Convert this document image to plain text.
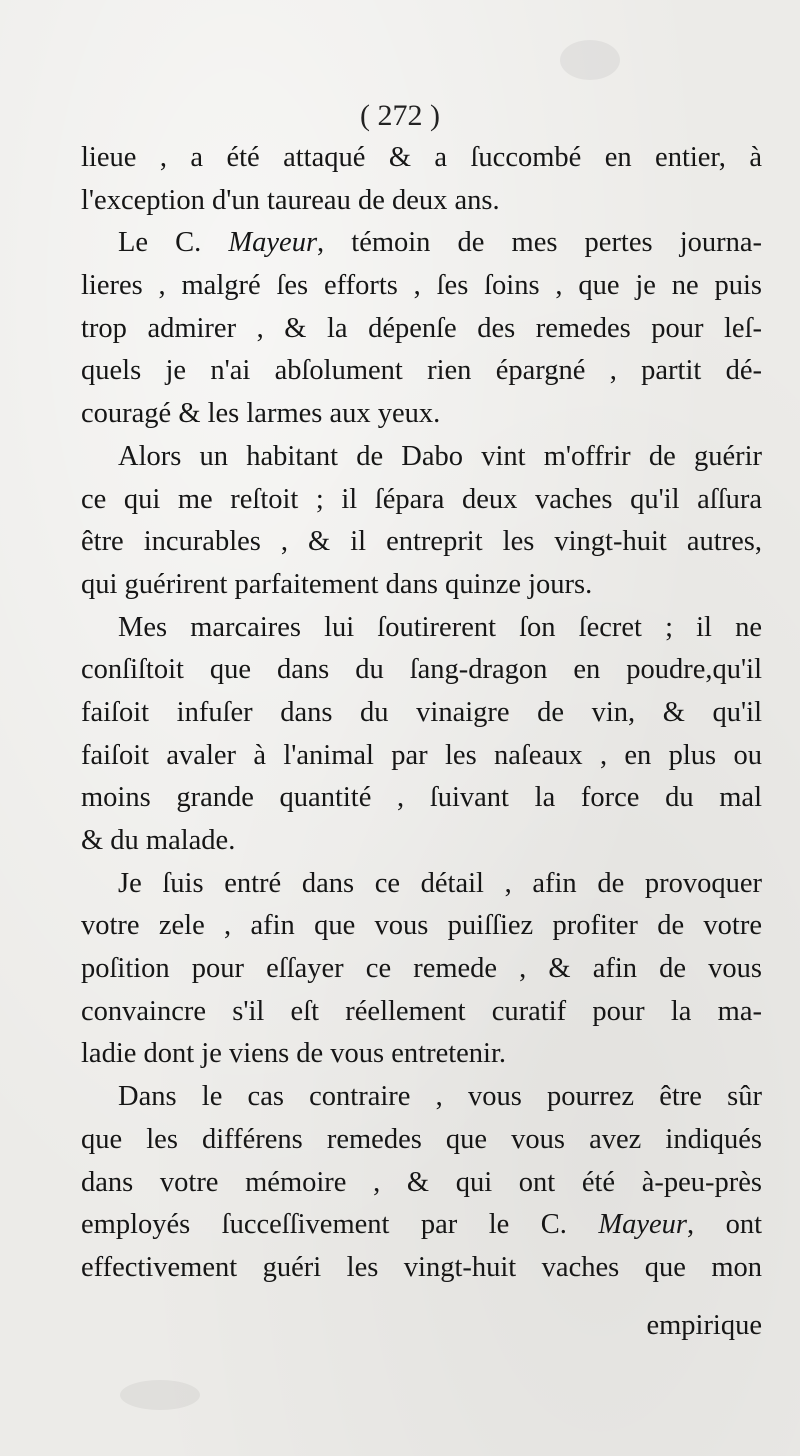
( 272 )
lieue , a été attaqué & a ſuccombé en entier, à
l'exception d'un taureau de deux ans.
Le C. Mayeur, témoin de mes pertes journa-
lieres , malgré ſes efforts , ſes ſoins , que je ne puis
trop admirer , & la dépenſe des remedes pour leſ-
quels je n'ai abſolument rien épargné , partit dé-
couragé & les larmes aux yeux.
Alors un habitant de Dabo vint m'offrir de guérir
ce qui me reſtoit ; il ſépara deux vaches qu'il aſſura
être incurables , & il entreprit les vingt-huit autres,
qui guérirent parfaitement dans quinze jours.
Mes marcaires lui ſoutirerent ſon ſecret ; il ne
conſiſtoit que dans du ſang-dragon en poudre,qu'il
faiſoit infuſer dans du vinaigre de vin, & qu'il
faiſoit avaler à l'animal par les naſeaux , en plus ou
moins grande quantité , ſuivant la force du mal
& du malade.
Je ſuis entré dans ce détail , afin de provoquer
votre zele , afin que vous puiſſiez profiter de votre
poſition pour eſſayer ce remede , & afin de vous
convaincre s'il eſt réellement curatif pour la ma-
ladie dont je viens de vous entretenir.
Dans le cas contraire , vous pourrez être sûr
que les différens remedes que vous avez indiqués
dans votre mémoire , & qui ont été à-peu-près
employés ſucceſſivement par le C. Mayeur, ont
effectivement guéri les vingt-huit vaches que mon
empirique
